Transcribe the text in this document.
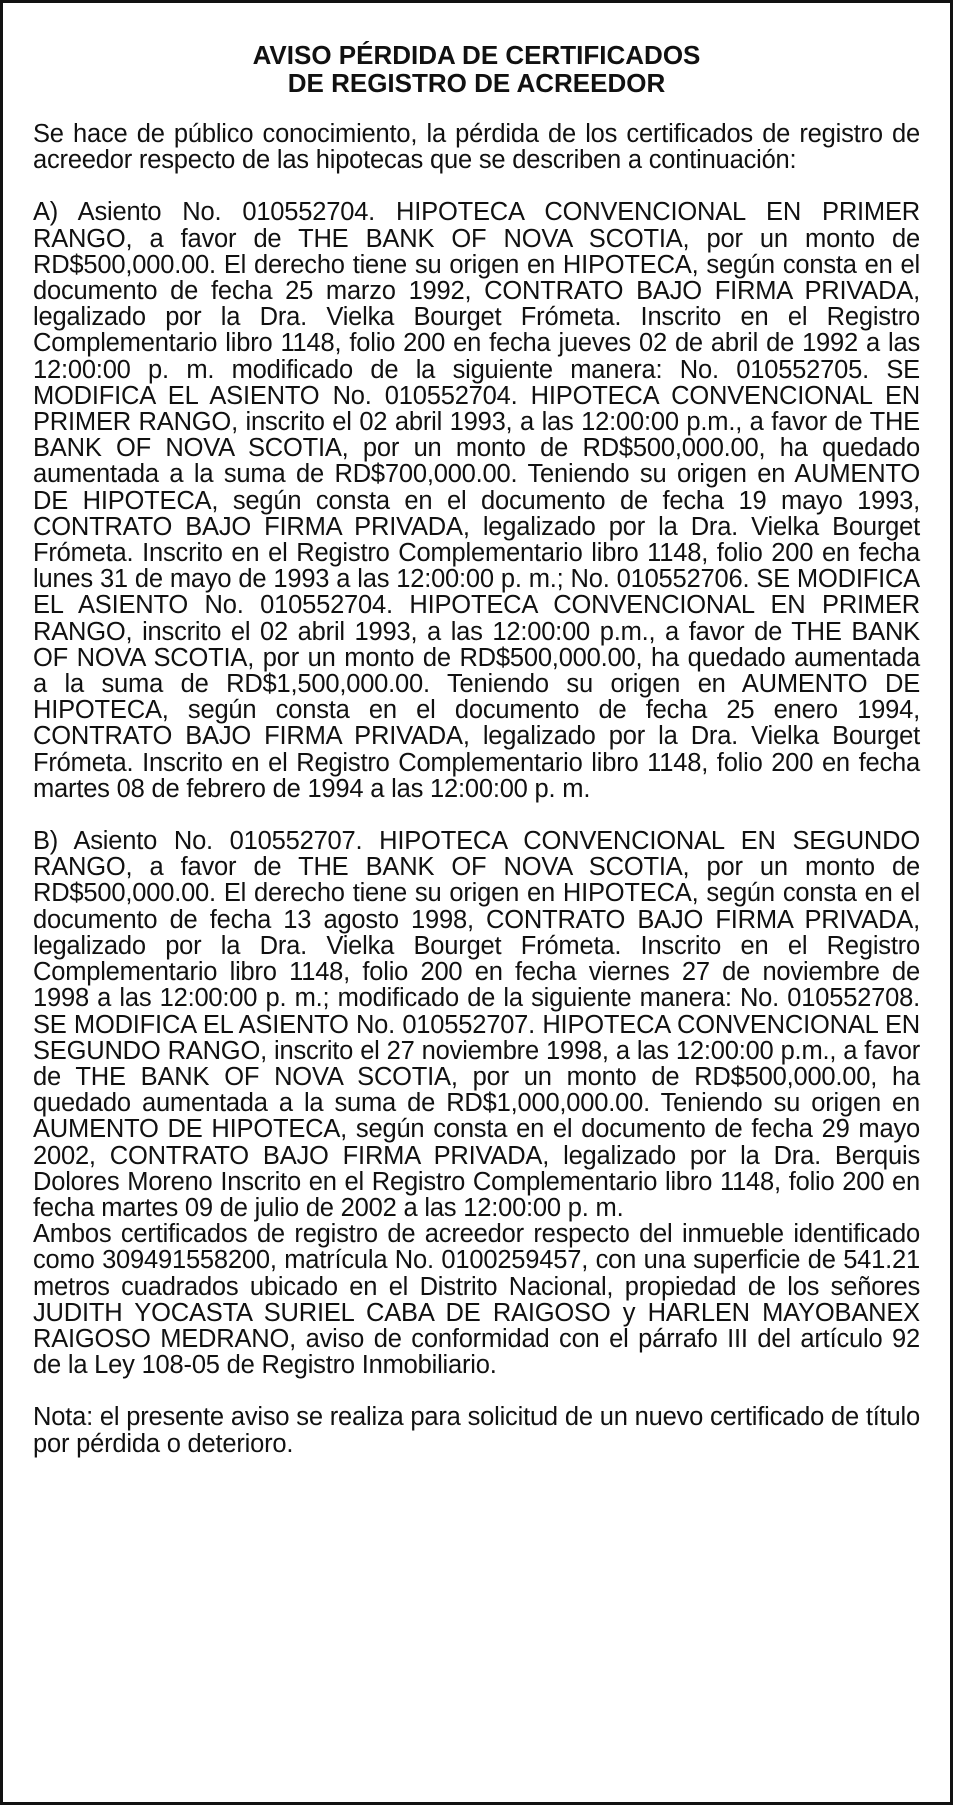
AVISO PÉRDIDA DE CERTIFICADOS
DE REGISTRO DE ACREEDOR

Se hace de público conocimiento, la pérdida de los certificados de registro de acreedor respecto de las hipotecas que se describen a continuación:

A) Asiento No. 010552704. HIPOTECA CONVENCIONAL EN PRIMER RANGO, a favor de THE BANK OF NOVA SCOTIA, por un monto de RD$500,000.00. El derecho tiene su origen en HIPOTECA, según consta en el documento de fecha 25 marzo 1992, CONTRATO BAJO FIRMA PRIVADA, legalizado por la Dra. Vielka Bourget Frómeta. Inscrito en el Registro Complementario libro 1148, folio 200 en fecha jueves 02 de abril de 1992 a las 12:00:00 p. m. modificado de la siguiente manera: No. 010552705. SE MODIFICA EL ASIENTO No. 010552704. HIPOTECA CONVENCIONAL EN PRIMER RANGO, inscrito el 02 abril 1993, a las 12:00:00 p.m., a favor de THE BANK OF NOVA SCOTIA, por un monto de RD$500,000.00, ha quedado aumentada a la suma de RD$700,000.00. Teniendo su origen en AUMENTO DE HIPOTECA, según consta en el documento de fecha 19 mayo 1993, CONTRATO BAJO FIRMA PRIVADA, legalizado por la Dra. Vielka Bourget Frómeta. Inscrito en el Registro Complementario libro 1148, folio 200 en fecha lunes 31 de mayo de 1993 a las 12:00:00 p. m.; No. 010552706. SE MODIFICA EL ASIENTO No. 010552704. HIPOTECA CONVENCIONAL EN PRIMER RANGO, inscrito el 02 abril 1993, a las 12:00:00 p.m., a favor de THE BANK OF NOVA SCOTIA, por un monto de RD$500,000.00, ha quedado aumentada a la suma de RD$1,500,000.00. Teniendo su origen en AUMENTO DE HIPOTECA, según consta en el documento de fecha 25 enero 1994, CONTRATO BAJO FIRMA PRIVADA, legalizado por la Dra. Vielka Bourget Frómeta. Inscrito en el Registro Complementario libro 1148, folio 200 en fecha martes 08 de febrero de 1994 a las 12:00:00 p. m.

B) Asiento No. 010552707. HIPOTECA CONVENCIONAL EN SEGUNDO RANGO, a favor de THE BANK OF NOVA SCOTIA, por un monto de RD$500,000.00. El derecho tiene su origen en HIPOTECA, según consta en el documento de fecha 13 agosto 1998, CONTRATO BAJO FIRMA PRIVADA, legalizado por la Dra. Vielka Bourget Frómeta. Inscrito en el Registro Complementario libro 1148, folio 200 en fecha viernes 27 de noviembre de 1998 a las 12:00:00 p. m.; modificado de la siguiente manera: No. 010552708. SE MODIFICA EL ASIENTO No. 010552707. HIPOTECA CONVENCIONAL EN SEGUNDO RANGO, inscrito el 27 noviembre 1998, a las 12:00:00 p.m., a favor de THE BANK OF NOVA SCOTIA, por un monto de RD$500,000.00, ha quedado aumentada a la suma de RD$1,000,000.00. Teniendo su origen en AUMENTO DE HIPOTECA, según consta en el documento de fecha 29 mayo 2002, CONTRATO BAJO FIRMA PRIVADA, legalizado por la Dra. Berquis Dolores Moreno Inscrito en el Registro Complementario libro 1148, folio 200 en fecha martes 09 de julio de 2002 a las 12:00:00 p. m.

Ambos certificados de registro de acreedor respecto del inmueble identificado como 309491558200, matrícula No. 0100259457, con una superficie de 541.21 metros cuadrados ubicado en el Distrito Nacional, propiedad de los señores JUDITH YOCASTA SURIEL CABA DE RAIGOSO y HARLEN MAYOBANEX RAIGOSO MEDRANO, aviso de conformidad con el párrafo III del artículo 92 de la Ley 108-05 de Registro Inmobiliario.

Nota: el presente aviso se realiza para solicitud de un nuevo certificado de título por pérdida o deterioro.
